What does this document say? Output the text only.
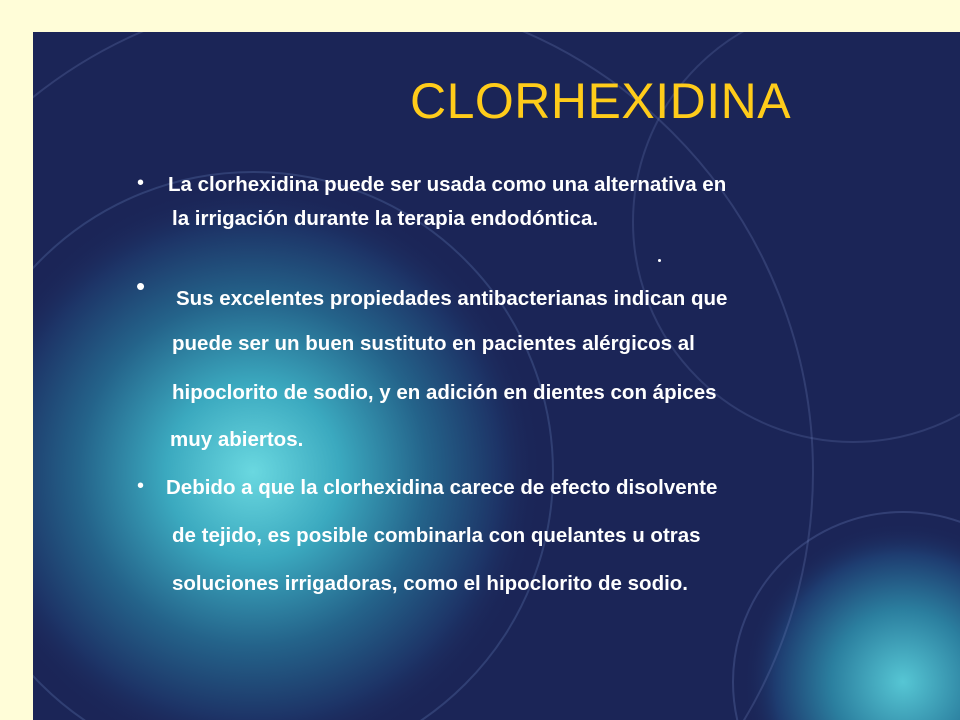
CLORHEXIDINA
• La clorhexidina puede ser usada como una alternativa en
la irrigación durante la terapia endodóntica.
• Sus excelentes propiedades antibacterianas indican que
puede ser un buen sustituto en pacientes alérgicos al
hipoclorito de sodio, y en adición en dientes con ápices
muy abiertos.
• Debido a que la clorhexidina carece de efecto disolvente
de tejido, es posible combinarla con quelantes u otras
soluciones irrigadoras, como el hipoclorito de sodio.
